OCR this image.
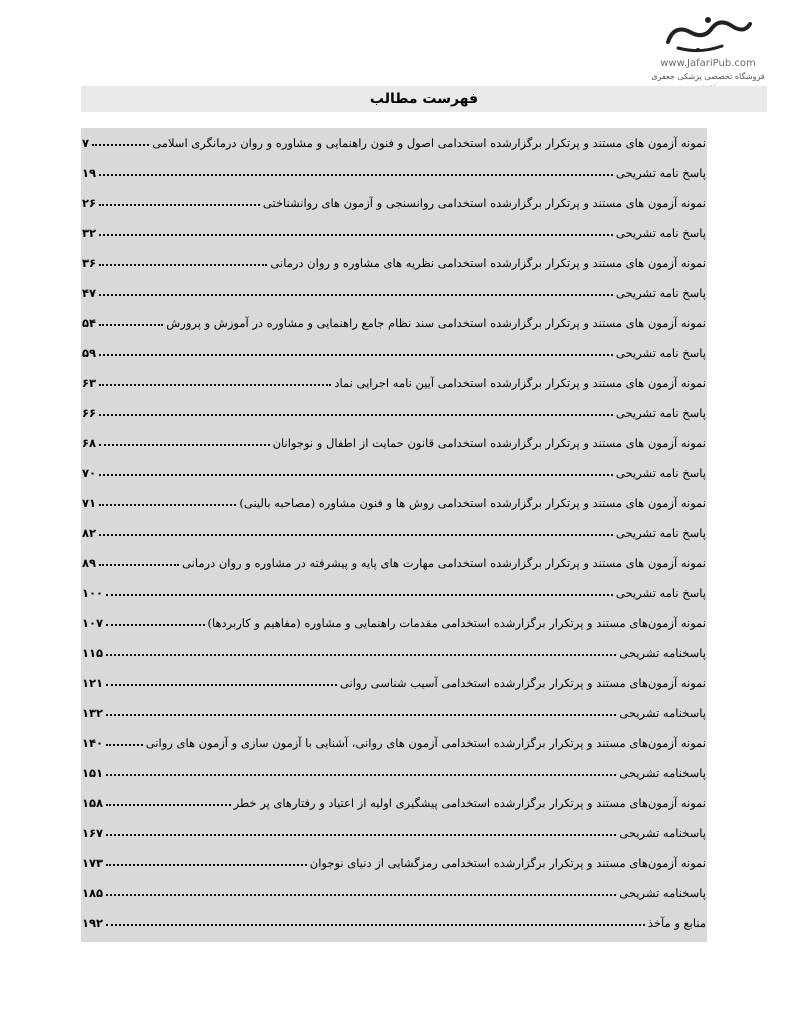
www.JafariPub.com
فروشگاه تخصصی پزشکی جعفری
فهرست مطالب
نمونه آزمون های مستند و پرتکرار برگزارشده استخدامی اصول و فنون راهنمایی و مشاوره و روان درمانگری اسلامی
۷
پاسخ نامه تشریحی
۱۹
نمونه آزمون های مستند و پرتکرار برگزارشده استخدامی روانسنجی و آزمون های روانشناختی
۲۶
پاسخ نامه تشریحی
۳۲
نمونه آزمون های مستند و پرتکرار برگزارشده استخدامی نظریه های مشاوره و روان درمانی
۳۶
پاسخ نامه تشریحی
۴۷
نمونه آزمون های مستند و پرتکرار برگزارشده استخدامی سند نظام جامع راهنمایی و مشاوره در آموزش و پرورش
۵۴
پاسخ نامه تشریحی
۵۹
نمونه آزمون های مستند و پرتکرار برگزارشده استخدامی آیین نامه اجرایی نماد
۶۳
پاسخ نامه تشریحی
۶۶
نمونه آزمون های مستند و پرتکرار برگزارشده استخدامی قانون حمایت از اطفال و نوجوانان
۶۸
پاسخ نامه تشریحی
۷۰
نمونه آزمون های مستند و پرتکرار برگزارشده استخدامی روش ها و فنون مشاوره (مصاحبه بالینی)
۷۱
پاسخ نامه تشریحی
۸۲
نمونه آزمون های مستند و پرتکرار برگزارشده استخدامی مهارت های پایه و پیشرفته در مشاوره و روان درمانی
۸۹
پاسخ نامه تشریحی
۱۰۰
نمونه آزمون‌های مستند و پرتکرار برگزارشده استخدامی مقدمات راهنمایی و مشاوره (مفاهیم و کاربردها)
۱۰۷
پاسخنامه تشریحی
۱۱۵
نمونه آزمون‌های مستند و پرتکرار برگزارشده استخدامی آسیب شناسی روانی
۱۲۱
پاسخنامه تشریحی
۱۳۲
نمونه آزمون‌های مستند و پرتکرار برگزارشده استخدامی آزمون های روانی، آشنایی با آزمون سازی و آزمون های روانی
۱۴۰
پاسخنامه تشریحی
۱۵۱
نمونه آزمون‌های مستند و پرتکرار برگزارشده استخدامی پیشگیری اولیه از اعتیاد و رفتارهای پر خطر
۱۵۸
پاسخنامه تشریحی
۱۶۷
نمونه آزمون‌های مستند و پرتکرار برگزارشده استخدامی رمزگشایی از دنیای نوجوان
۱۷۳
پاسخنامه تشریحی
۱۸۵
منابع و مآخذ
۱۹۲
